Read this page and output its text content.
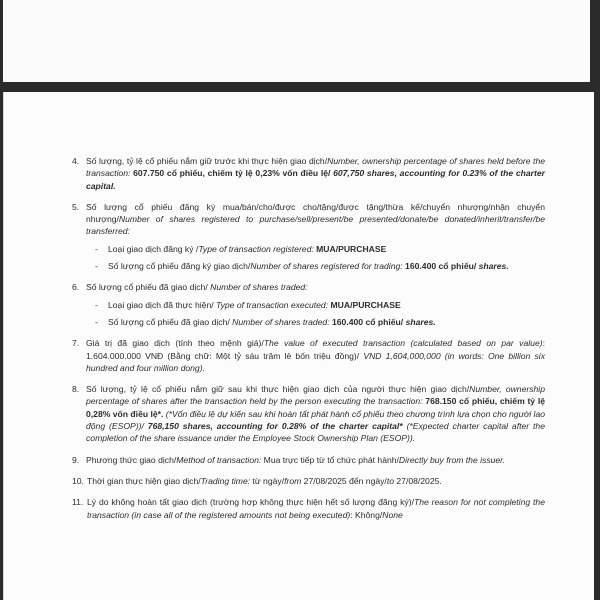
4. Số lượng, tỷ lệ cổ phiếu nắm giữ trước khi thực hiện giao dịch/Number, ownership percentage of shares held before the transaction: 607.750 cổ phiếu, chiếm tỷ lệ 0,23% vốn điều lệ/ 607,750 shares, accounting for 0.23% of the charter capital.
5. Số lượng cổ phiếu đăng ký mua/bán/cho/được cho/tặng/được tặng/thừa kế/chuyển nhượng/nhận chuyển nhượng/Number of shares registered to purchase/sell/present/be presented/donate/be donated/inherit/transfer/be transferred:
- Loại giao dịch đăng ký /Type of transaction registered: MUA/PURCHASE
- Số lượng cổ phiếu đăng ký giao dịch/Number of shares registered for trading: 160.400 cổ phiếu/ shares.
6. Số lượng cổ phiếu đã giao dịch/ Number of shares traded:
- Loại giao dịch đã thực hiện/ Type of transaction executed: MUA/PURCHASE
- Số lượng cổ phiếu đã giao dịch/ Number of shares traded: 160.400 cổ phiếu/ shares.
7. Giá trị đã giao dịch (tính theo mệnh giá)/The value of executed transaction (calculated based on par value): 1.604.000.000 VNĐ (Bằng chữ: Một tỷ sáu trăm lẻ bốn triệu đồng)/ VND 1,604,000,000 (in words: One billion six hundred and four million dong).
8. Số lượng, tỷ lệ cổ phiếu nắm giữ sau khi thực hiện giao dịch của người thực hiện giao dịch/Number, ownership percentage of shares after the transaction held by the person executing the transaction: 768.150 cổ phiếu, chiếm tỷ lệ 0,28% vốn điều lệ*. (*Vốn điều lệ dự kiến sau khi hoàn tất phát hành cổ phiếu theo chương trình lựa chọn cho người lao động (ESOP))/ 768,150 shares, accounting for 0.28% of the charter capital* (*Expected charter capital after the completion of the share issuance under the Employee Stock Ownership Plan (ESOP)).
9. Phương thức giao dịch/Method of transaction: Mua trực tiếp từ tổ chức phát hành/Directly buy from the issuer.
10. Thời gian thực hiện giao dịch/Trading time: từ ngày/from 27/08/2025 đến ngày/to 27/08/2025.
11. Lý do không hoàn tất giao dịch (trường hợp không thực hiện hết số lượng đăng ký)/The reason for not completing the transaction (in case all of the registered amounts not being executed): Không/None
